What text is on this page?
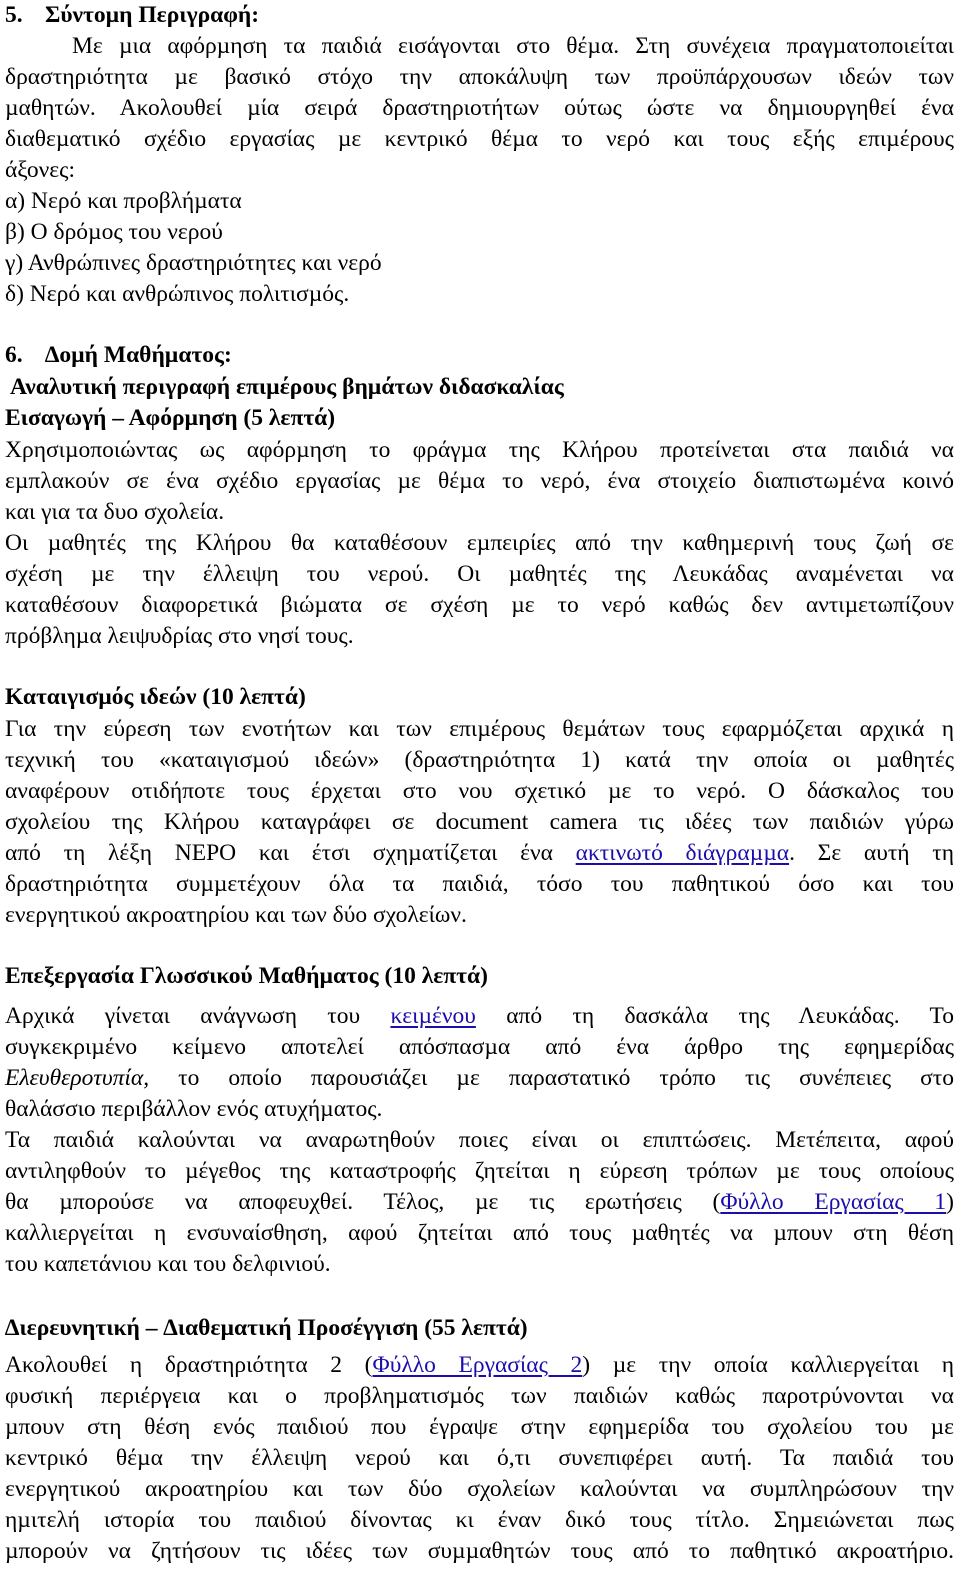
5. Σύντοµη Περιγραφή:
Με µια αφόρµηση τα παιδιά εισάγονται στο θέµα. Στη συνέχεια πραγµατοποιείται
δραστηριότητα µε βασικό στόχο την αποκάλυψη των προϋπάρχουσων ιδεών των
µαθητών. Ακολουθεί µία σειρά δραστηριοτήτων ούτως ώστε να δηµιουργηθεί ένα
διαθεµατικό σχέδιο εργασίας µε κεντρικό θέµα το νερό και τους εξής επιµέρους
άξονες:
α) Νερό και προβλήµατα
β) Ο δρόµος του νερού
γ) Ανθρώπινες δραστηριότητες και νερό
δ) Νερό και ανθρώπινος πολιτισµός.
6. ∆οµή Μαθήµατος:
Αναλυτική περιγραφή επιµέρους βηµάτων διδασκαλίας
Εισαγωγή – Αφόρµηση (5 λεπτά)
Χρησιµοποιώντας ως αφόρµηση το φράγµα της Κλήρου προτείνεται στα παιδιά να
εµπλακούν σε ένα σχέδιο εργασίας µε θέµα το νερό, ένα στοιχείο διαπιστωµένα κοινό
και για τα δυο σχολεία.
Οι µαθητές της Κλήρου θα καταθέσουν εµπειρίες από την καθηµερινή τους ζωή σε
σχέση µε την έλλειψη του νερού. Οι µαθητές της Λευκάδας αναµένεται να
καταθέσουν διαφορετικά βιώµατα σε σχέση µε το νερό καθώς δεν αντιµετωπίζουν
πρόβληµα λειψυδρίας στο νησί τους.
Καταιγισµός ιδεών (10 λεπτά)
Για την εύρεση των ενοτήτων και των επιµέρους θεµάτων τους εφαρµόζεται αρχικά η
τεχνική του «καταιγισµού ιδεών» (δραστηριότητα 1) κατά την οποία οι µαθητές
αναφέρουν οτιδήποτε τους έρχεται στο νου σχετικό µε το νερό. Ο δάσκαλος του
σχολείου της Κλήρου καταγράφει σε document camera τις ιδέες των παιδιών γύρω
από τη λέξη ΝΕΡΟ και έτσι σχηµατίζεται ένα ακτινωτό διάγραµµα. Σε αυτή τη
δραστηριότητα συµµετέχουν όλα τα παιδιά, τόσο του παθητικού όσο και του
ενεργητικού ακροατηρίου και των δύο σχολείων.
Επεξεργασία Γλωσσικού Μαθήµατος (10 λεπτά)
Αρχικά γίνεται ανάγνωση του κειµένου από τη δασκάλα της Λευκάδας. Το
συγκεκριµένο κείµενο αποτελεί απόσπασµα από ένα άρθρο της εφηµερίδας
Ελευθεροτυπία, το οποίο παρουσιάζει µε παραστατικό τρόπο τις συνέπειες στο
θαλάσσιο περιβάλλον ενός ατυχήµατος.
Τα παιδιά καλούνται να αναρωτηθούν ποιες είναι οι επιπτώσεις. Μετέπειτα, αφού
αντιληφθούν το µέγεθος της καταστροφής ζητείται η εύρεση τρόπων µε τους οποίους
θα µπορούσε να αποφευχθεί. Τέλος, µε τις ερωτήσεις (Φύλλο Εργασίας 1)
καλλιεργείται η ενσυναίσθηση, αφού ζητείται από τους µαθητές να µπουν στη θέση
του καπετάνιου και του δελφινιού.
∆ιερευνητική – ∆ιαθεµατική Προσέγγιση (55 λεπτά)
Ακολουθεί η δραστηριότητα 2 (Φύλλο Εργασίας 2) µε την οποία καλλιεργείται η
φυσική περιέργεια και ο προβληµατισµός των παιδιών καθώς παροτρύνονται να
µπουν στη θέση ενός παιδιού που έγραψε στην εφηµερίδα του σχολείου του µε
κεντρικό θέµα την έλλειψη νερού και ό,τι συνεπιφέρει αυτή. Τα παιδιά του
ενεργητικού ακροατηρίου και των δύο σχολείων καλούνται να συµπληρώσουν την
ηµιτελή ιστορία του παιδιού δίνοντας κι έναν δικό τους τίτλο. Σηµειώνεται πως
µπορούν να ζητήσουν τις ιδέες των συµµαθητών τους από το παθητικό ακροατήριο.
